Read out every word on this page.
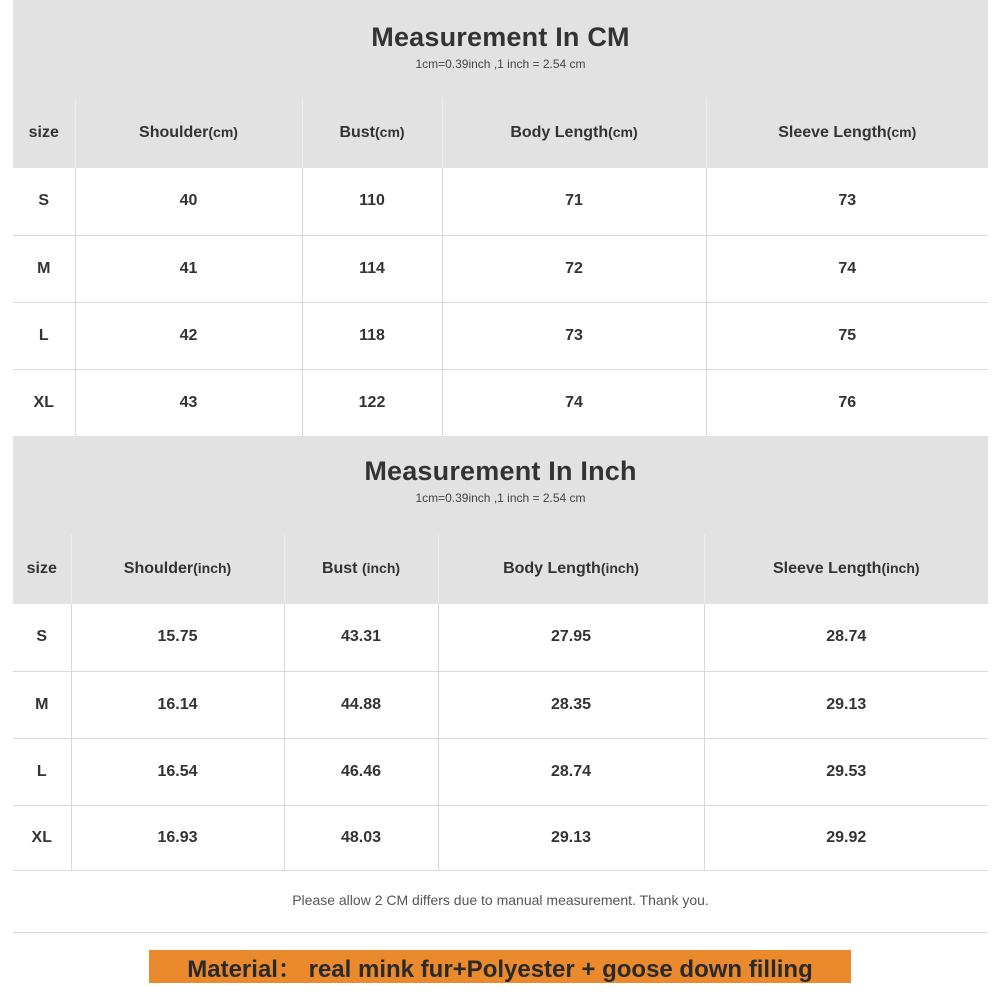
Measurement In CM
1cm=0.39inch ,1 inch = 2.54 cm
size	Shoulder(cm)	Bust(cm)	Body Length(cm)	Sleeve Length(cm)
S	40	110	71	73
M	41	114	72	74
L	42	118	73	75
XL	43	122	74	76
Measurement In Inch
1cm=0.39inch ,1 inch = 2.54 cm
size	Shoulder(inch)	Bust (inch)	Body Length(inch)	Sleeve Length(inch)
S	15.75	43.31	27.95	28.74
M	16.14	44.88	28.35	29.13
L	16.54	46.46	28.74	29.53
XL	16.93	48.03	29.13	29.92
Please allow 2 CM differs due to manual measurement. Thank you.
Material： real mink fur+Polyester + goose down filling
